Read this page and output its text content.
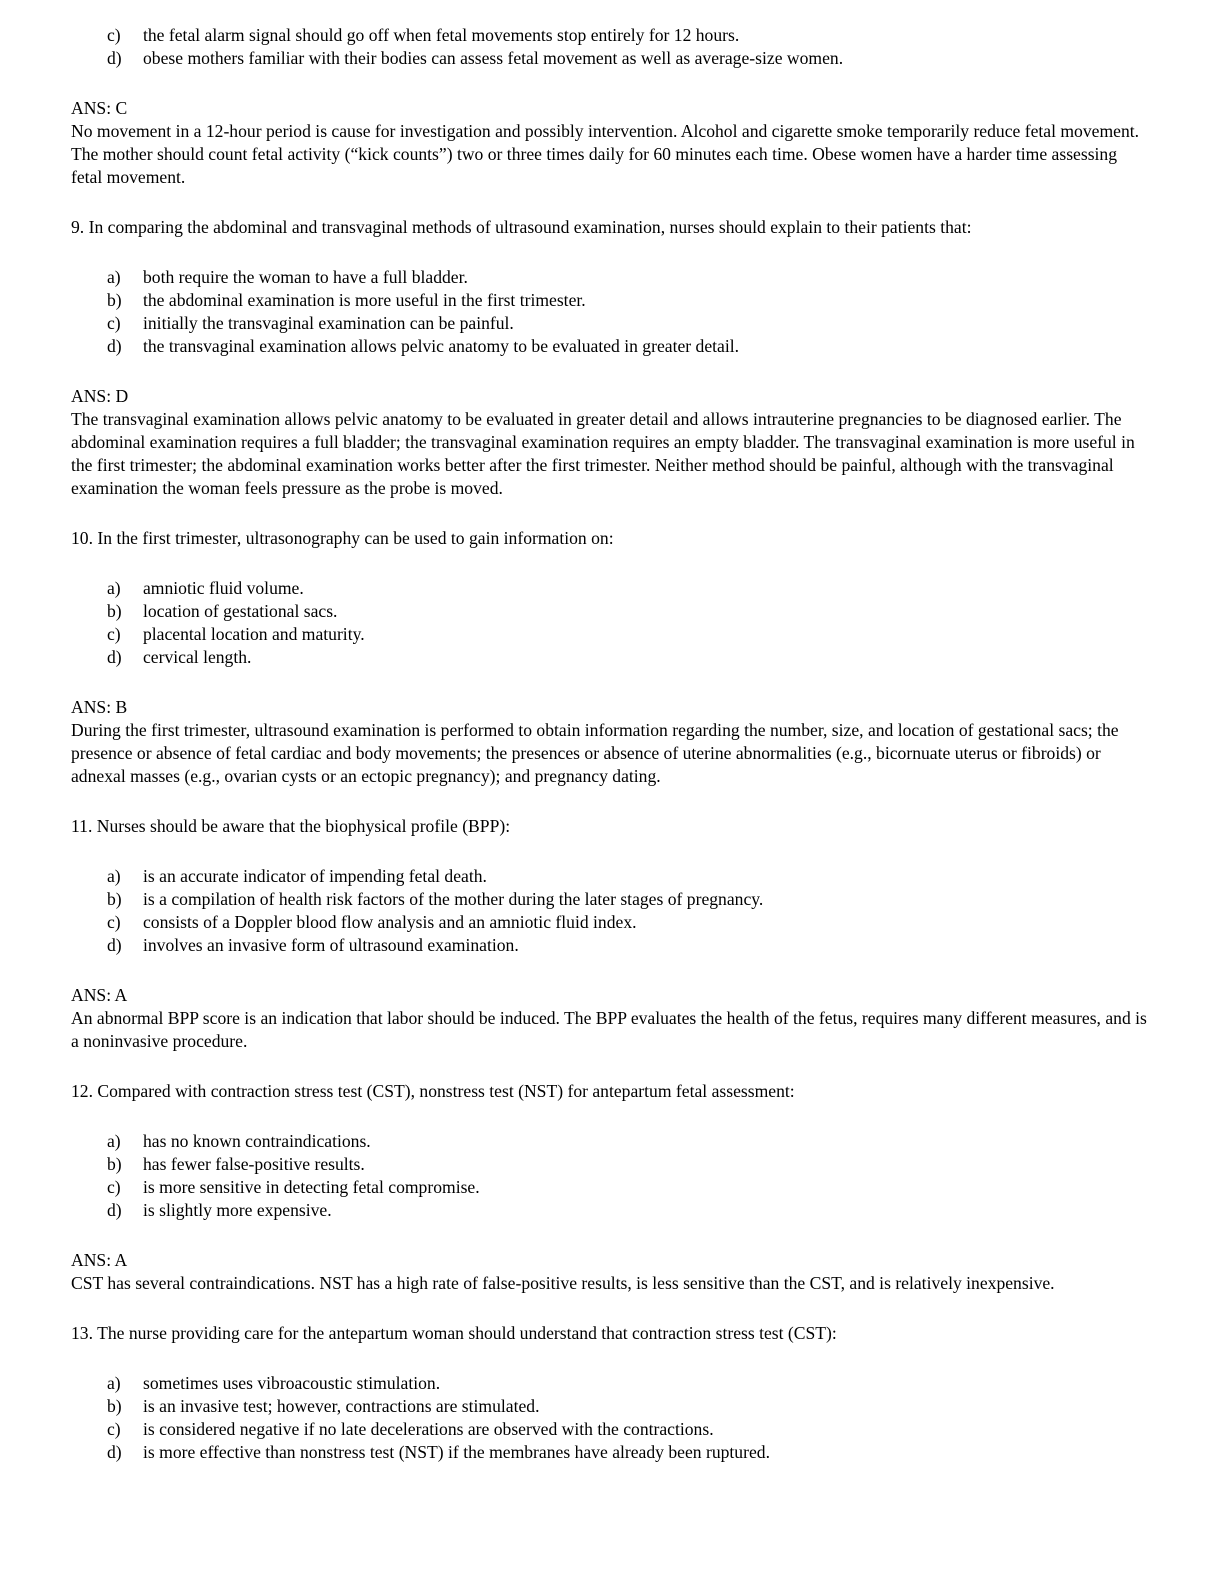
c)	the fetal alarm signal should go off when fetal movements stop entirely for 12 hours.
d)	obese mothers familiar with their bodies can assess fetal movement as well as average-size women.

ANS: C

No movement in a 12-hour period is cause for investigation and possibly intervention. Alcohol and cigarette smoke temporarily reduce fetal movement. The mother should count fetal activity (“kick counts”) two or three times daily for 60 minutes each time. Obese women have a harder time assessing fetal movement.

9. In comparing the abdominal and transvaginal methods of ultrasound examination, nurses should explain to their patients that:

a)	both require the woman to have a full bladder.
b)	the abdominal examination is more useful in the first trimester.
c)	initially the transvaginal examination can be painful.
d)	the transvaginal examination allows pelvic anatomy to be evaluated in greater detail.

ANS: D

The transvaginal examination allows pelvic anatomy to be evaluated in greater detail and allows intrauterine pregnancies to be diagnosed earlier. The abdominal examination requires a full bladder; the transvaginal examination requires an empty bladder. The transvaginal examination is more useful in the first trimester; the abdominal examination works better after the first trimester. Neither method should be painful, although with the transvaginal examination the woman feels pressure as the probe is moved.

10. In the first trimester, ultrasonography can be used to gain information on:

a)	amniotic fluid volume.
b)	location of gestational sacs.
c)	placental location and maturity.
d)	cervical length.

ANS: B

During the first trimester, ultrasound examination is performed to obtain information regarding the number, size, and location of gestational sacs; the presence or absence of fetal cardiac and body movements; the presences or absence of uterine abnormalities (e.g., bicornuate uterus or fibroids) or adnexal masses (e.g., ovarian cysts or an ectopic pregnancy); and pregnancy dating.

11. Nurses should be aware that the biophysical profile (BPP):

a)	is an accurate indicator of impending fetal death.
b)	is a compilation of health risk factors of the mother during the later stages of pregnancy.
c)	consists of a Doppler blood flow analysis and an amniotic fluid index.
d)	involves an invasive form of ultrasound examination.

ANS: A

An abnormal BPP score is an indication that labor should be induced. The BPP evaluates the health of the fetus, requires many different measures, and is a noninvasive procedure.

12. Compared with contraction stress test (CST), nonstress test (NST) for antepartum fetal assessment:

a)	has no known contraindications.
b)	has fewer false-positive results.
c)	is more sensitive in detecting fetal compromise.
d)	is slightly more expensive.

ANS: A

CST has several contraindications. NST has a high rate of false-positive results, is less sensitive than the CST, and is relatively inexpensive.

13. The nurse providing care for the antepartum woman should understand that contraction stress test (CST):

a)	sometimes uses vibroacoustic stimulation.
b)	is an invasive test; however, contractions are stimulated.
c)	is considered negative if no late decelerations are observed with the contractions.
d)	is more effective than nonstress test (NST) if the membranes have already been ruptured.
